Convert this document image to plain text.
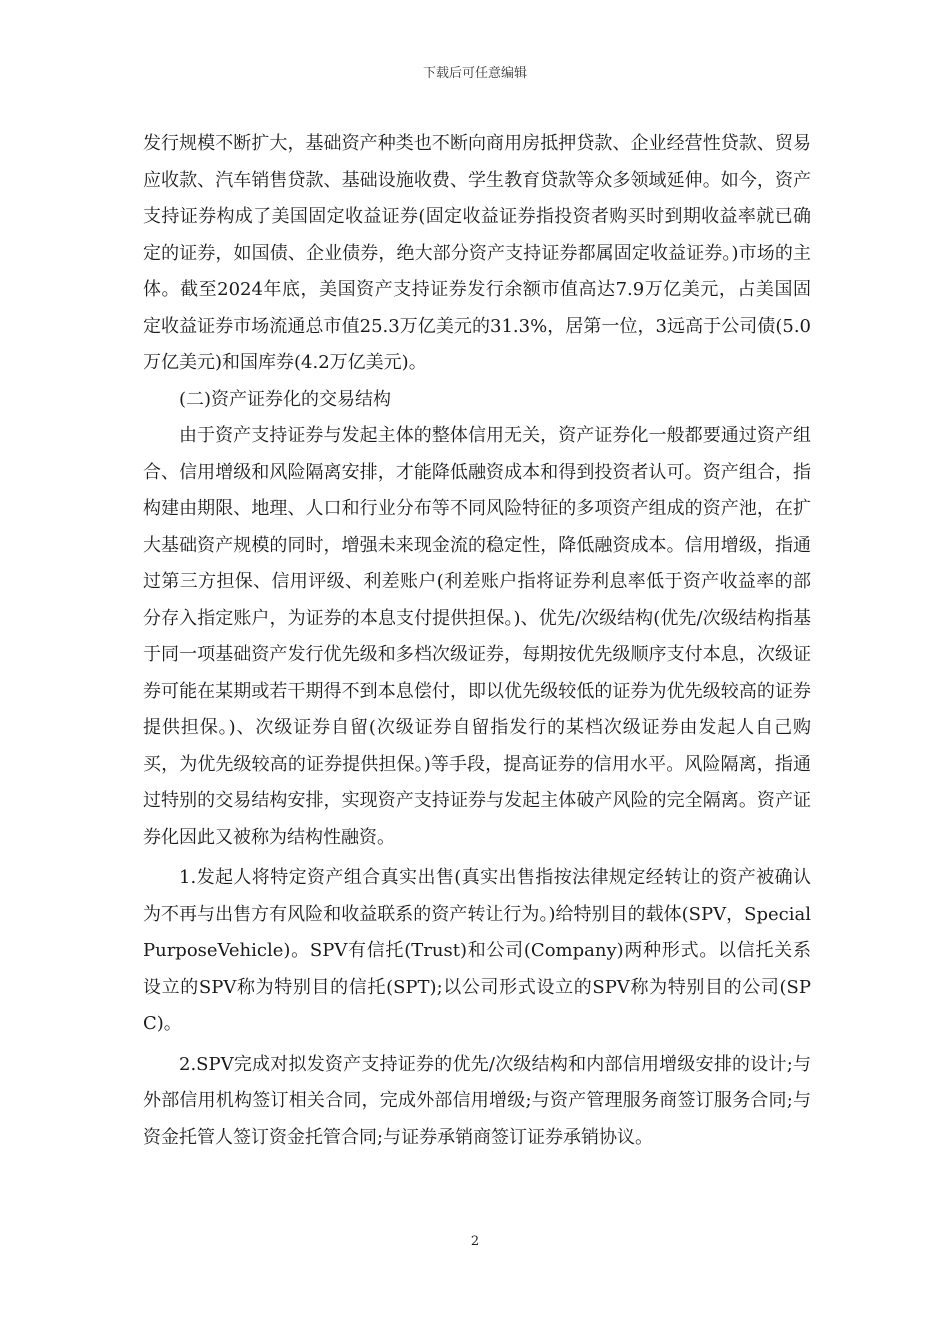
下载后可任意编辑

发行规模不断扩大，基础资产种类也不断向商用房抵押贷款、企业经营性贷款、贸易应收款、汽车销售贷款、基础设施收费、学生教育贷款等众多领域延伸。如今，资产支持证券构成了美国固定收益证券(固定收益证券指投资者购买时到期收益率就已确定的证券，如国债、企业债券，绝大部分资产支持证券都属固定收益证券。)市场的主体。截至2024年底，美国资产支持证券发行余额市值高达7.9万亿美元，占美国固定收益证券市场流通总市值25.3万亿美元的31.3%，居第一位，3远高于公司债(5.0万亿美元)和国库券(4.2万亿美元)。

(二)资产证券化的交易结构

由于资产支持证券与发起主体的整体信用无关，资产证券化一般都要通过资产组合、信用增级和风险隔离安排，才能降低融资成本和得到投资者认可。资产组合，指构建由期限、地理、人口和行业分布等不同风险特征的多项资产组成的资产池，在扩大基础资产规模的同时，增强未来现金流的稳定性，降低融资成本。信用增级，指通过第三方担保、信用评级、利差账户(利差账户指将证券利息率低于资产收益率的部分存入指定账户，为证券的本息支付提供担保。)、优先/次级结构(优先/次级结构指基于同一项基础资产发行优先级和多档次级证券，每期按优先级顺序支付本息，次级证券可能在某期或若干期得不到本息偿付，即以优先级较低的证券为优先级较高的证券提供担保。)、次级证券自留(次级证券自留指发行的某档次级证券由发起人自己购买，为优先级较高的证券提供担保。)等手段，提高证券的信用水平。风险隔离，指通过特别的交易结构安排，实现资产支持证券与发起主体破产风险的完全隔离。资产证券化因此又被称为结构性融资。

1.发起人将特定资产组合真实出售(真实出售指按法律规定经转让的资产被确认为不再与出售方有风险和收益联系的资产转让行为。)给特别目的载体(SPV，SpecialPurposeVehicle)。SPV有信托(Trust)和公司(Company)两种形式。以信托关系设立的SPV称为特别目的信托(SPT);以公司形式设立的SPV称为特别目的公司(SPC)。

2.SPV完成对拟发资产支持证券的优先/次级结构和内部信用增级安排的设计;与外部信用机构签订相关合同，完成外部信用增级;与资产管理服务商签订服务合同;与资金托管人签订资金托管合同;与证券承销商签订证券承销协议。

2
